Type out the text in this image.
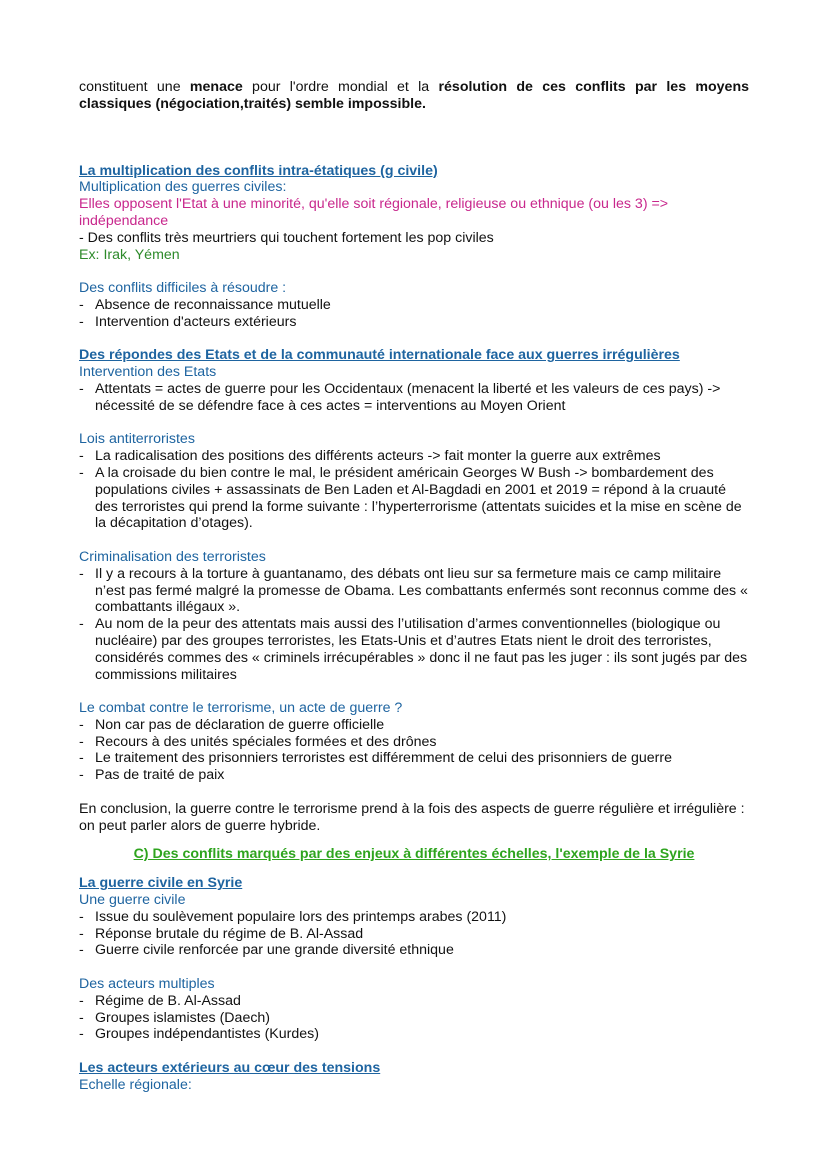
constituent une menace pour l'ordre mondial et la résolution de ces conflits par les moyens classiques (négociation,traités) semble impossible.

La multiplication des conflits intra-étatiques (g civile)

Multiplication des guerres civiles:

Elles opposent l'Etat à une minorité, qu'elle soit régionale, religieuse ou ethnique (ou les 3) => indépendance

- Des conflits très meurtriers qui touchent fortement les pop civiles

Ex: Irak, Yémen

Des conflits difficiles à résoudre :

- Absence de reconnaissance mutuelle
- Intervention d'acteurs extérieurs

Des répondes des Etats et de la communauté internationale face aux guerres irrégulières

Intervention des Etats

- Attentats = actes de guerre pour les Occidentaux (menacent la liberté et les valeurs de ces pays) -> nécessité de se défendre face à ces actes = interventions au Moyen Orient

Lois antiterroristes

- La radicalisation des positions des différents acteurs -> fait monter la guerre aux extrêmes
- A la croisade du bien contre le mal, le président américain Georges W Bush -> bombardement des populations civiles + assassinats de Ben Laden et Al-Bagdadi en 2001 et 2019 = répond à la cruauté des terroristes qui prend la forme suivante : l’hyperterrorisme (attentats suicides et la mise en scène de la décapitation d’otages).

Criminalisation des terroristes

- Il y a recours à la torture à guantanamo, des débats ont lieu sur sa fermeture mais ce camp militaire n’est pas fermé malgré la promesse de Obama. Les combattants enfermés sont reconnus comme des « combattants illégaux ».
- Au nom de la peur des attentats mais aussi des l’utilisation d’armes conventionnelles (biologique ou nucléaire) par des groupes terroristes, les Etats-Unis et d’autres Etats nient le droit des terroristes, considérés commes des « criminels irrécupérables » donc il ne faut pas les juger : ils sont jugés par des commissions militaires

Le combat contre le terrorisme, un acte de guerre ?

- Non car pas de déclaration de guerre officielle
- Recours à des unités spéciales formées et des drônes
- Le traitement des prisonniers terroristes est différemment de celui des prisonniers de guerre
- Pas de traité de paix

En conclusion, la guerre contre le terrorisme prend à la fois des aspects de guerre régulière et irrégulière : on peut parler alors de guerre hybride.

C) Des conflits marqués par des enjeux à différentes échelles, l'exemple de la Syrie

La guerre civile en Syrie

Une guerre civile

- Issue du soulèvement populaire lors des printemps arabes (2011)
- Réponse brutale du régime de B. Al-Assad
- Guerre civile renforcée par une grande diversité ethnique

Des acteurs multiples

- Régime de B. Al-Assad
- Groupes islamistes (Daech)
- Groupes indépendantistes (Kurdes)

Les acteurs extérieurs au cœur des tensions

Echelle régionale:
